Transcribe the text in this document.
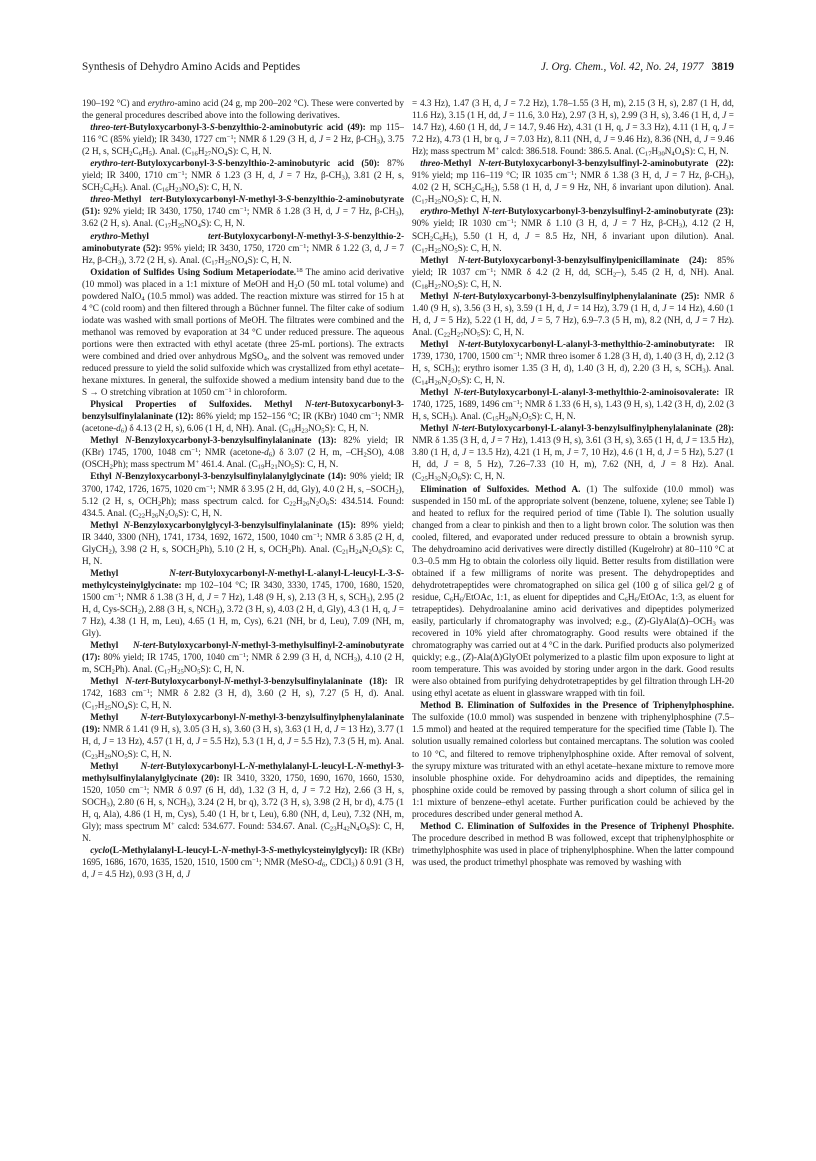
Synthesis of Dehydro Amino Acids and Peptides	J. Org. Chem., Vol. 42, No. 24, 1977 3819

190–192 °C) and erythro-amino acid (24 g, mp 200–202 °C). These were converted by the general procedures described above into the following derivatives.

threo-tert-Butyloxycarbonyl-3-S-benzylthio-2-aminobutyric acid (49): mp 115–116 °C (85% yield); IR 3430, 1727 $cm^{-1}$; NMR δ 1.29 (3 H, d, J = 2 Hz, $\beta-CH_3$), 3.75 (2 H, s, $SCH_2C_6H_5$). Anal. $(C_{16}H_{27}NO_4S)$: C, H, N.

erythro-tert-Butyloxycarbonyl-3-S-benzylthio-2-aminobutyric acid (50): 87% yield; IR 3400, 1710 $cm^{-1}$; NMR δ 1.23 (3 H, d, J = 7 Hz, $\beta-CH_3$), 3.81 (2 H, s, $SCH_2C_6H_5$). Anal. $(C_{16}H_{23}NO_4S)$: C, H, N.

threo-Methyl tert-Butyloxycarbonyl-N-methyl-3-S-benzylthio-2-aminobutyrate (51): 92% yield; IR 3430, 1750, 1740 $cm^{-1}$; NMR δ 1.28 (3 H, d, J = 7 Hz, $\beta-CH_3$), 3.62 (2 H, s). Anal. $(C_{17}H_{25}NO_4S)$: C, H, N.

erythro-Methyl tert-Butyloxycarbonyl-N-methyl-3-S-benzylthio-2-aminobutyrate (52): 95% yield; IR 3430, 1750, 1720 $cm^{-1}$; NMR δ 1.22 (3, d, J = 7 Hz, $\beta-CH_3$), 3.72 (2 H, s). Anal. $(C_{17}H_{25}NO_4S)$: C, H, N.

Oxidation of Sulfides Using Sodium Metaperiodate.$^{18}$ The amino acid derivative (10 mmol) was placed in a 1:1 mixture of MeOH and $H_2O$ (50 mL total volume) and powdered NaIO$_4$ (10.5 mmol) was added. The reaction mixture was stirred for 15 h at 4 °C (cold room) and then filtered through a Büchner funnel. The filter cake of sodium iodate was washed with small portions of MeOH. The filtrates were combined and the methanol was removed by evaporation at 34 °C under reduced pressure. The aqueous portions were then extracted with ethyl acetate (three 25-mL portions). The extracts were combined and dried over anhydrous MgSO$_4$, and the solvent was removed under reduced pressure to yield the solid sulfoxide which was crystallized from ethyl acetate–hexane mixtures. In general, the sulfoxide showed a medium intensity band due to the S → O stretching vibration at 1050 $cm^{-1}$ in chloroform.

Physical Properties of Sulfoxides. Methyl N-tert-Butoxycarbonyl-3-benzylsulfinylalaninate (12): 86% yield; mp 152–156 °C; IR (KBr) 1040 $cm^{-1}$; NMR $(acetone-d_6)$ δ 4.13 (2 H, s), 6.06 (1 H, d, NH). Anal. $(C_{16}H_{23}NO_5S)$: C, H, N.

Methyl N-Benzyloxycarbonyl-3-benzylsulfinylalaninate (13): 82% yield; IR (KBr) 1745, 1700, 1048 $cm^{-1}$; NMR $(acetone-d_6)$ δ 3.07 (2 H, m, $-CH_2SO$), 4.08 $(OSCH_2Ph)$; mass spectrum M+ 461.4. Anal. $(C_{19}H_{21}NO_5S)$: C, H, N.

Ethyl N-Benzyloxycarbonyl-3-benzylsulfinylalanylglycinate (14): 90% yield; IR 3700, 1742, 1726, 1675, 1020 $cm^{-1}$; NMR δ 3.95 (2 H, dd, Gly), 4.0 (2 H, s, $-SOCH_2$), 5.12 (2 H, s, $OCH_2Ph$); mass spectrum calcd. for $C_{22}H_{26}N_2O_6S$: 434.514. Found: 434.5. Anal. $(C_{22}H_{26}N_2O_6S)$: C, H, N.

Methyl N-Benzyloxycarbonylglycyl-3-benzylsulfinylalaninate (15): 89% yield; IR 3440, 3300 (NH), 1741, 1734, 1692, 1672, 1500, 1040 $cm^{-1}$; NMR δ 3.85 (2 H, d, GlyCH$_2$), 3.98 (2 H, s, $SOCH_2Ph$), 5.10 (2 H, s, $OCH_2Ph$). Anal. $(C_{21}H_{24}N_2O_6S)$: C, H, N.

Methyl N-tert-Butyloxycarbonyl-N-methyl-L-alanyl-L-leucyl-L-3-S-methylcysteinylglycinate: mp 102–104 °C; IR 3430, 3330, 1745, 1700, 1680, 1520, 1500 $cm^{-1}$; NMR δ 1.38 (3 H, d, J = 7 Hz), 1.48 (9 H, s), 2.13 (3 H, s, $SCH_3$), 2.95 (2 H, d, Cys-$SCH_2$), 2.88 (3 H, s, $NCH_3$), 3.72 (3 H, s), 4.03 (2 H, d, Gly), 4.3 (1 H, q, J = 7 Hz), 4.38 (1 H, m, Leu), 4.65 (1 H, m, Cys), 6.21 (NH, br d, Leu), 7.09 (NH, m, Gly).

Methyl N-tert-Butyloxycarbonyl-N-methyl-3-methylsulfinyl-2-aminobutyrate (17): 80% yield; IR 1745, 1700, 1040 $cm^{-1}$; NMR δ 2.99 (3 H, d, $NCH_3$), 4.10 (2 H, m, $SCH_2Ph$). Anal. $(C_{17}H_{25}NO_5S)$: C, H, N.

Methyl N-tert-Butyloxycarbonyl-N-methyl-3-benzylsulfinylalaninate (18): IR 1742, 1683 $cm^{-1}$; NMR δ 2.82 (3 H, d), 3.60 (2 H, s), 7.27 (5 H, d). Anal. $(C_{17}H_{25}NO_4S)$: C, H, N.

Methyl N-tert-Butyloxycarbonyl-N-methyl-3-benzylsulfinylphenylalaninate (19): NMR δ 1.41 (9 H, s), 3.05 (3 H, s), 3.60 (3 H, s), 3.63 (1 H, d, J = 13 Hz), 3.77 (1 H, d, J = 13 Hz), 4.57 (1 H, d, J = 5.5 Hz), 5.3 (1 H, d, J = 5.5 Hz), 7.3 (5 H, m). Anal. $(C_{23}H_{29}NO_5S)$: C, H, N.

Methyl N-tert-Butyloxycarbonyl-L-N-methylalanyl-L-leucyl-L-N-methyl-3-methylsulfinylalanylglycinate (20): IR 3410, 3320, 1750, 1690, 1670, 1660, 1530, 1520, 1050 $cm^{-1}$; NMR δ 0.97 (6 H, dd), 1.32 (3 H, d, J = 7.2 Hz), 2.66 (3 H, s, $SOCH_3$), 2.80 (6 H, s, $NCH_3$), 3.24 (2 H, br q), 3.72 (3 H, s), 3.98 (2 H, br d), 4.75 (1 H, q, Ala), 4.86 (1 H, m, Cys), 5.40 (1 H, br t, Leu), 6.80 (NH, d, Leu), 7.32 (NH, m, Gly); mass spectrum M+ calcd: 534.677. Found: 534.67. Anal. $(C_{23}H_{42}N_4O_8S)$: C, H, N.

cyclo(L-Methylalanyl-L-leucyl-L-N-methyl-3-S-methylcysteinylglycyl): IR (KBr) 1695, 1686, 1670, 1635, 1520, 1510, 1500 $cm^{-1}$; NMR ($MeSO-d_6$, CDCl$_3$) δ 0.91 (3 H, d, J = 4.5 Hz), 0.93 (3 H, d, J

= 4.3 Hz), 1.47 (3 H, d, J = 7.2 Hz), 1.78–1.55 (3 H, m), 2.15 (3 H, s), 2.87 (1 H, dd, 11.6 Hz), 3.15 (1 H, dd, J = 11.6, 3.0 Hz), 2.97 (3 H, s), 2.99 (3 H, s), 3.46 (1 H, d, J = 14.7 Hz), 4.60 (1 H, dd, J = 14.7, 9.46 Hz), 4.31 (1 H, q, J = 3.3 Hz), 4.11 (1 H, q, J = 7.2 Hz), 4.73 (1 H, br q, J = 7.03 Hz), 8.11 (NH, d, J = 9.46 Hz), 8.36 (NH, d, J = 9.46 Hz); mass spectrum M+ calcd: 386.518. Found: 386.5. Anal. $(C_{17}H_{30}N_4O_4S)$: C, H, N.

threo-Methyl N-tert-Butyloxycarbonyl-3-benzylsulfinyl-2-aminobutyrate (22): 91% yield; mp 116–119 °C; IR 1035 $cm^{-1}$; NMR δ 1.38 (3 H, d, J = 7 Hz, $\beta-CH_3$), 4.02 (2 H, $SCH_2C_6H_5$), 5.58 (1 H, d, J = 9 Hz, NH, δ invariant upon dilution). Anal. $(C_{17}H_{25}NO_5S)$: C, H, N.

erythro-Methyl N-tert-Butyloxycarbonyl-3-benzylsulfinyl-2-aminobutyrate (23): 90% yield; IR 1030 $cm^{-1}$; NMR δ 1.10 (3 H, d, J = 7 Hz, $\beta-CH_3$), 4.12 (2 H, $SCH_2C_6H_5$), 5.50 (1 H, d, J = 8.5 Hz, NH, δ invariant upon dilution). Anal. $(C_{17}H_{25}NO_5S)$: C, H, N.

Methyl N-tert-Butyloxycarbonyl-3-benzylsulfinylpenicillaminate (24): 85% yield; IR 1037 $cm^{-1}$; NMR δ 4.2 (2 H, dd, $SCH_2-$), 5.45 (2 H, d, NH). Anal. $(C_{18}H_{27}NO_5S)$: C, H, N.

Methyl N-tert-Butyloxycarbonyl-3-benzylsulfinylphenylalaninate (25): NMR δ 1.40 (9 H, s), 3.56 (3 H, s), 3.59 (1 H, d, J = 14 Hz), 3.79 (1 H, d, J = 14 Hz), 4.60 (1 H, d, J = 5 Hz), 5.22 (1 H, dd, J = 5, 7 Hz), 6.9–7.3 (5 H, m), 8.2 (NH, d, J = 7 Hz). Anal. $(C_{22}H_{27}NO_5S)$: C, H, N.

Methyl N-tert-Butyloxycarbonyl-L-alanyl-3-methylthio-2-aminobutyrate: IR 1739, 1730, 1700, 1500 $cm^{-1}$; NMR threo isomer δ 1.28 (3 H, d), 1.40 (3 H, d), 2.12 (3 H, s, $SCH_3$); erythro isomer 1.35 (3 H, d), 1.40 (3 H, d), 2.20 (3 H, s, $SCH_3$). Anal. $(C_{14}H_{26}N_2O_5S)$: C, H, N.

Methyl N-tert-Butyloxycarbonyl-L-alanyl-3-methylthio-2-aminoisovalerate: IR 1740, 1725, 1689, 1496 $cm^{-1}$; NMR δ 1.33 (6 H, s), 1.43 (9 H, s), 1.42 (3 H, d), 2.02 (3 H, s, $SCH_3$). Anal. $(C_{15}H_{28}N_2O_5S)$: C, H, N.

Methyl N-tert-Butyloxycarbonyl-L-alanyl-3-benzylsulfinylphenylalaninate (28): NMR δ 1.35 (3 H, d, J = 7 Hz), 1.413 (9 H, s), 3.61 (3 H, s), 3.65 (1 H, d, J = 13.5 Hz), 3.80 (1 H, d, J = 13.5 Hz), 4.21 (1 H, m, J = 7, 10 Hz), 4.6 (1 H, d, J = 5 Hz), 5.27 (1 H, dd, J = 8, 5 Hz), 7.26–7.33 (10 H, m), 7.62 (NH, d, J = 8 Hz). Anal. $(C_{25}H_{32}N_2O_6S)$: C, H, N.

Elimination of Sulfoxides. Method A. (1) The sulfoxide (10.0 mmol) was suspended in 150 mL of the appropriate solvent (benzene, toluene, xylene; see Table I) and heated to reflux for the required period of time (Table I). The solution usually changed from a clear to pinkish and then to a light brown color. The solution was then cooled, filtered, and evaporated under reduced pressure to obtain a brownish syrup. The dehydroamino acid derivatives were directly distilled (Kugelrohr) at 80–110 °C at 0.3–0.5 mm Hg to obtain the colorless oily liquid. Better results from distillation were obtained if a few milligrams of norite was present. The dehydropeptides and dehydrotetrapeptides were chromatographed on silica gel (100 g of silica gel/2 g of residue, $C_6H_6$/EtOAc, 1:1, as eluent for dipeptides and $C_6H_6$/EtOAc, 1:3, as eluent for tetrapeptides). Dehydroalanine amino acid derivatives and dipeptides polymerized easily, particularly if chromatography was involved; e.g., $(Z)-GlyAla(\Delta)-OCH_3$ was recovered in 10% yield after chromatography. Good results were obtained if the chromatography was carried out at 4 °C in the dark. Purified products also polymerized quickly; e.g., (Z)-Ala(Δ)GlyOEt polymerized to a plastic film upon exposure to light at room temperature. This was avoided by storing under argon in the dark. Good results were also obtained from purifying dehydrotetrapeptides by gel filtration through LH-20 using ethyl acetate as eluent in glassware wrapped with tin foil.

Method B. Elimination of Sulfoxides in the Presence of Triphenylphosphine. The sulfoxide (10.0 mmol) was suspended in benzene with triphenylphosphine (7.5–1.5 mmol) and heated at the required temperature for the specified time (Table I). The solution usually remained colorless but contained mercaptans. The solution was cooled to 10 °C, and filtered to remove triphenylphosphine oxide. After removal of solvent, the syrupy mixture was triturated with an ethyl acetate–hexane mixture to remove more insoluble phosphine oxide. For dehydroamino acids and dipeptides, the remaining phosphine oxide could be removed by passing through a short column of silica gel in 1:1 mixture of benzene–ethyl acetate. Further purification could be achieved by the procedures described under general method A.

Method C. Elimination of Sulfoxides in the Presence of Triphenyl Phosphite. The procedure described in method B was followed, except that triphenylphosphite or trimethylphosphite was used in place of triphenylphosphine. When the latter compound was used, the product trimethyl phosphate was removed by washing with
